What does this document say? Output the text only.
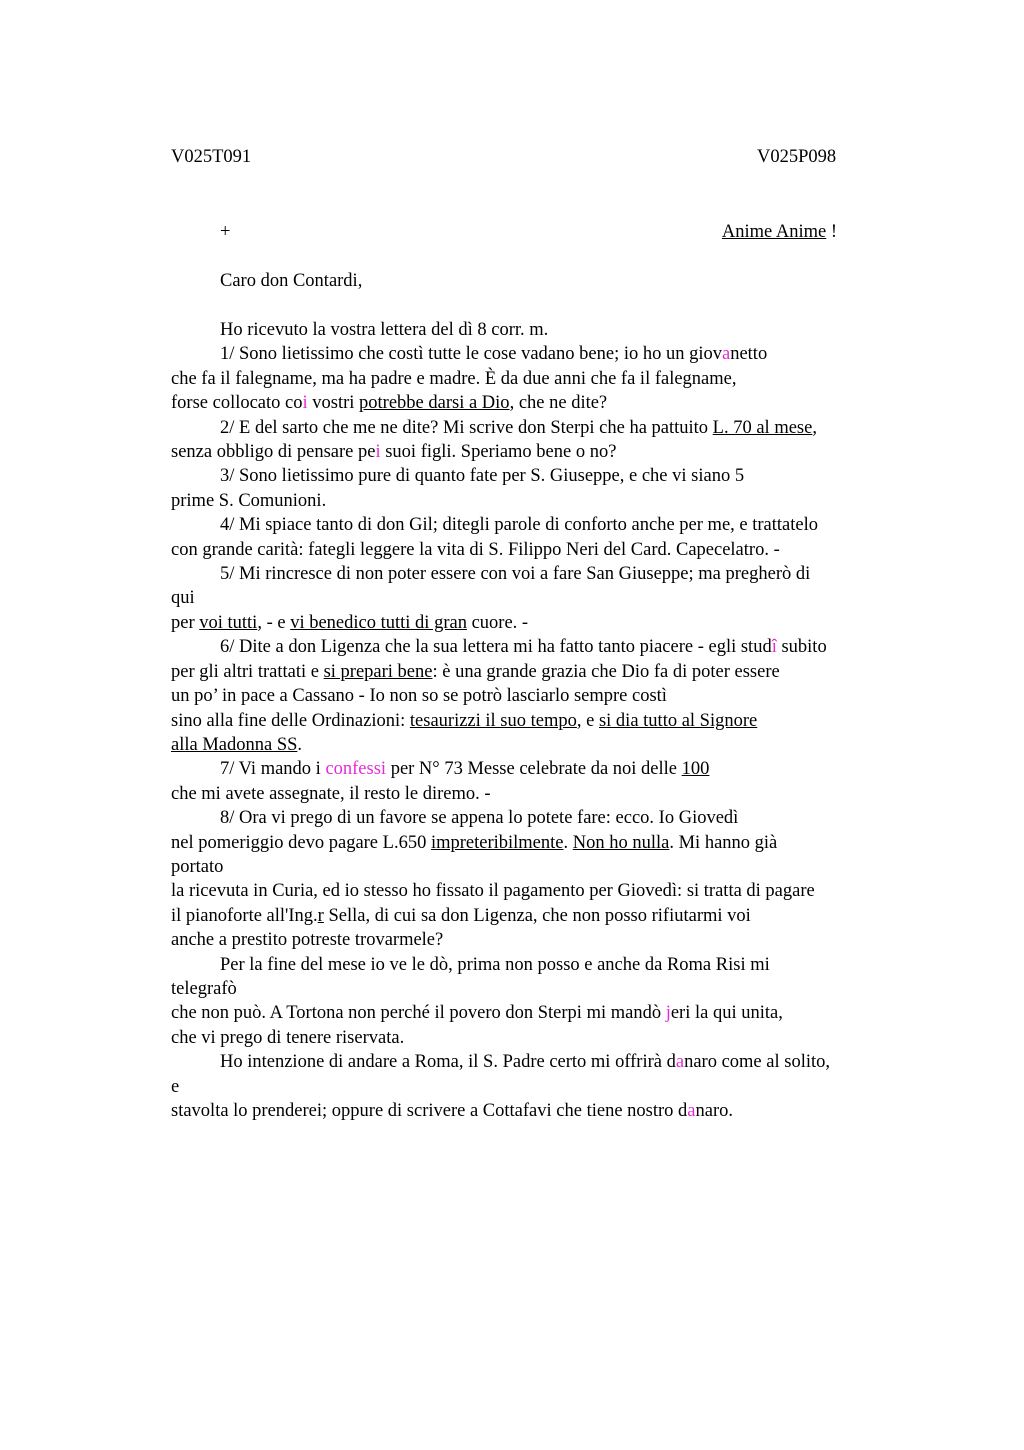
V025T091	V025P098
+	Anime Anime !
Caro don Contardi,
Ho ricevuto la vostra lettera del dì 8 corr. m.
1/ Sono lietissimo che costì tutte le cose vadano bene; io ho un giovanetto
che fa il falegname, ma ha padre e madre. È da due anni che fa il falegname,
forse collocato coi vostri potrebbe darsi a Dio, che ne dite?
2/ E del sarto che me ne dite? Mi scrive don Sterpi che ha pattuito L. 70 al mese,
senza obbligo di pensare pei suoi figli. Speriamo bene o no?
3/ Sono lietissimo pure di quanto fate per S. Giuseppe, e che vi siano 5
prime S. Comunioni.
4/ Mi spiace tanto di don Gil; ditegli parole di conforto anche per me, e trattatelo
con grande carità: fategli leggere la vita di S. Filippo Neri del Card. Capecelatro. -
5/ Mi rincresce di non poter essere con voi a fare San Giuseppe; ma pregherò di
qui
per voi tutti, - e vi benedico tutti di gran cuore. -
6/ Dite a don Ligenza che la sua lettera mi ha fatto tanto piacere - egli studî subito
per gli altri trattati e si prepari bene: è una grande grazia che Dio fa di poter essere
un po’ in pace a Cassano - Io non so se potrò lasciarlo sempre costì
sino alla fine delle Ordinazioni: tesaurizzi il suo tempo, e si dia tutto al Signore
alla Madonna SS.
7/ Vi mando i confessi per N° 73 Messe celebrate da noi delle 100
che mi avete assegnate, il resto le diremo. -
8/ Ora vi prego di un favore se appena lo potete fare: ecco. Io Giovedì
nel pomeriggio devo pagare L.650 impreteribilmente. Non ho nulla. Mi hanno già
portato
la ricevuta in Curia, ed io stesso ho fissato il pagamento per Giovedì: si tratta di pagare
il pianoforte all'Ing.r Sella, di cui sa don Ligenza, che non posso rifiutarmi voi
anche a prestito potreste trovarmele?
Per la fine del mese io ve le dò, prima non posso e anche da Roma Risi mi
telegrafò
che non può. A Tortona non perché il povero don Sterpi mi mandò jeri la qui unita,
che vi prego di tenere riservata.
Ho intenzione di andare a Roma, il S. Padre certo mi offrirà danaro come al solito,
e
stavolta lo prenderei; oppure di scrivere a Cottafavi che tiene nostro danaro.
